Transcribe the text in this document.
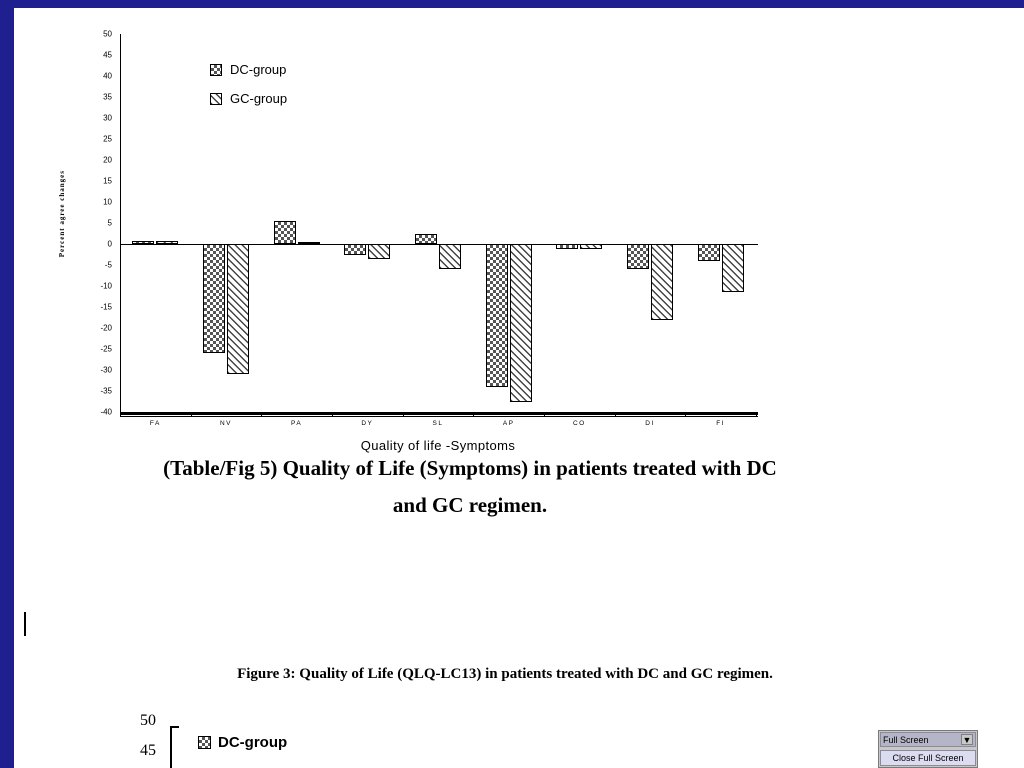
Percent agree changes
50
45
40
35
30
25
20
15
10
5
0
-5
-10
-15
-20
-25
-30
-35
-40
FA	NV	PA	DY	SL	AP	CO	DI	FI
Quality of life -Symptoms
DC-group
GC-group
(Table/Fig 5) Quality of Life (Symptoms) in patients treated with DC
and GC regimen.
Figure 3: Quality of Life (QLQ-LC13) in patients treated with DC and GC regimen.
50
45	DC-group	Full Screen	▼
Close Full Screen
